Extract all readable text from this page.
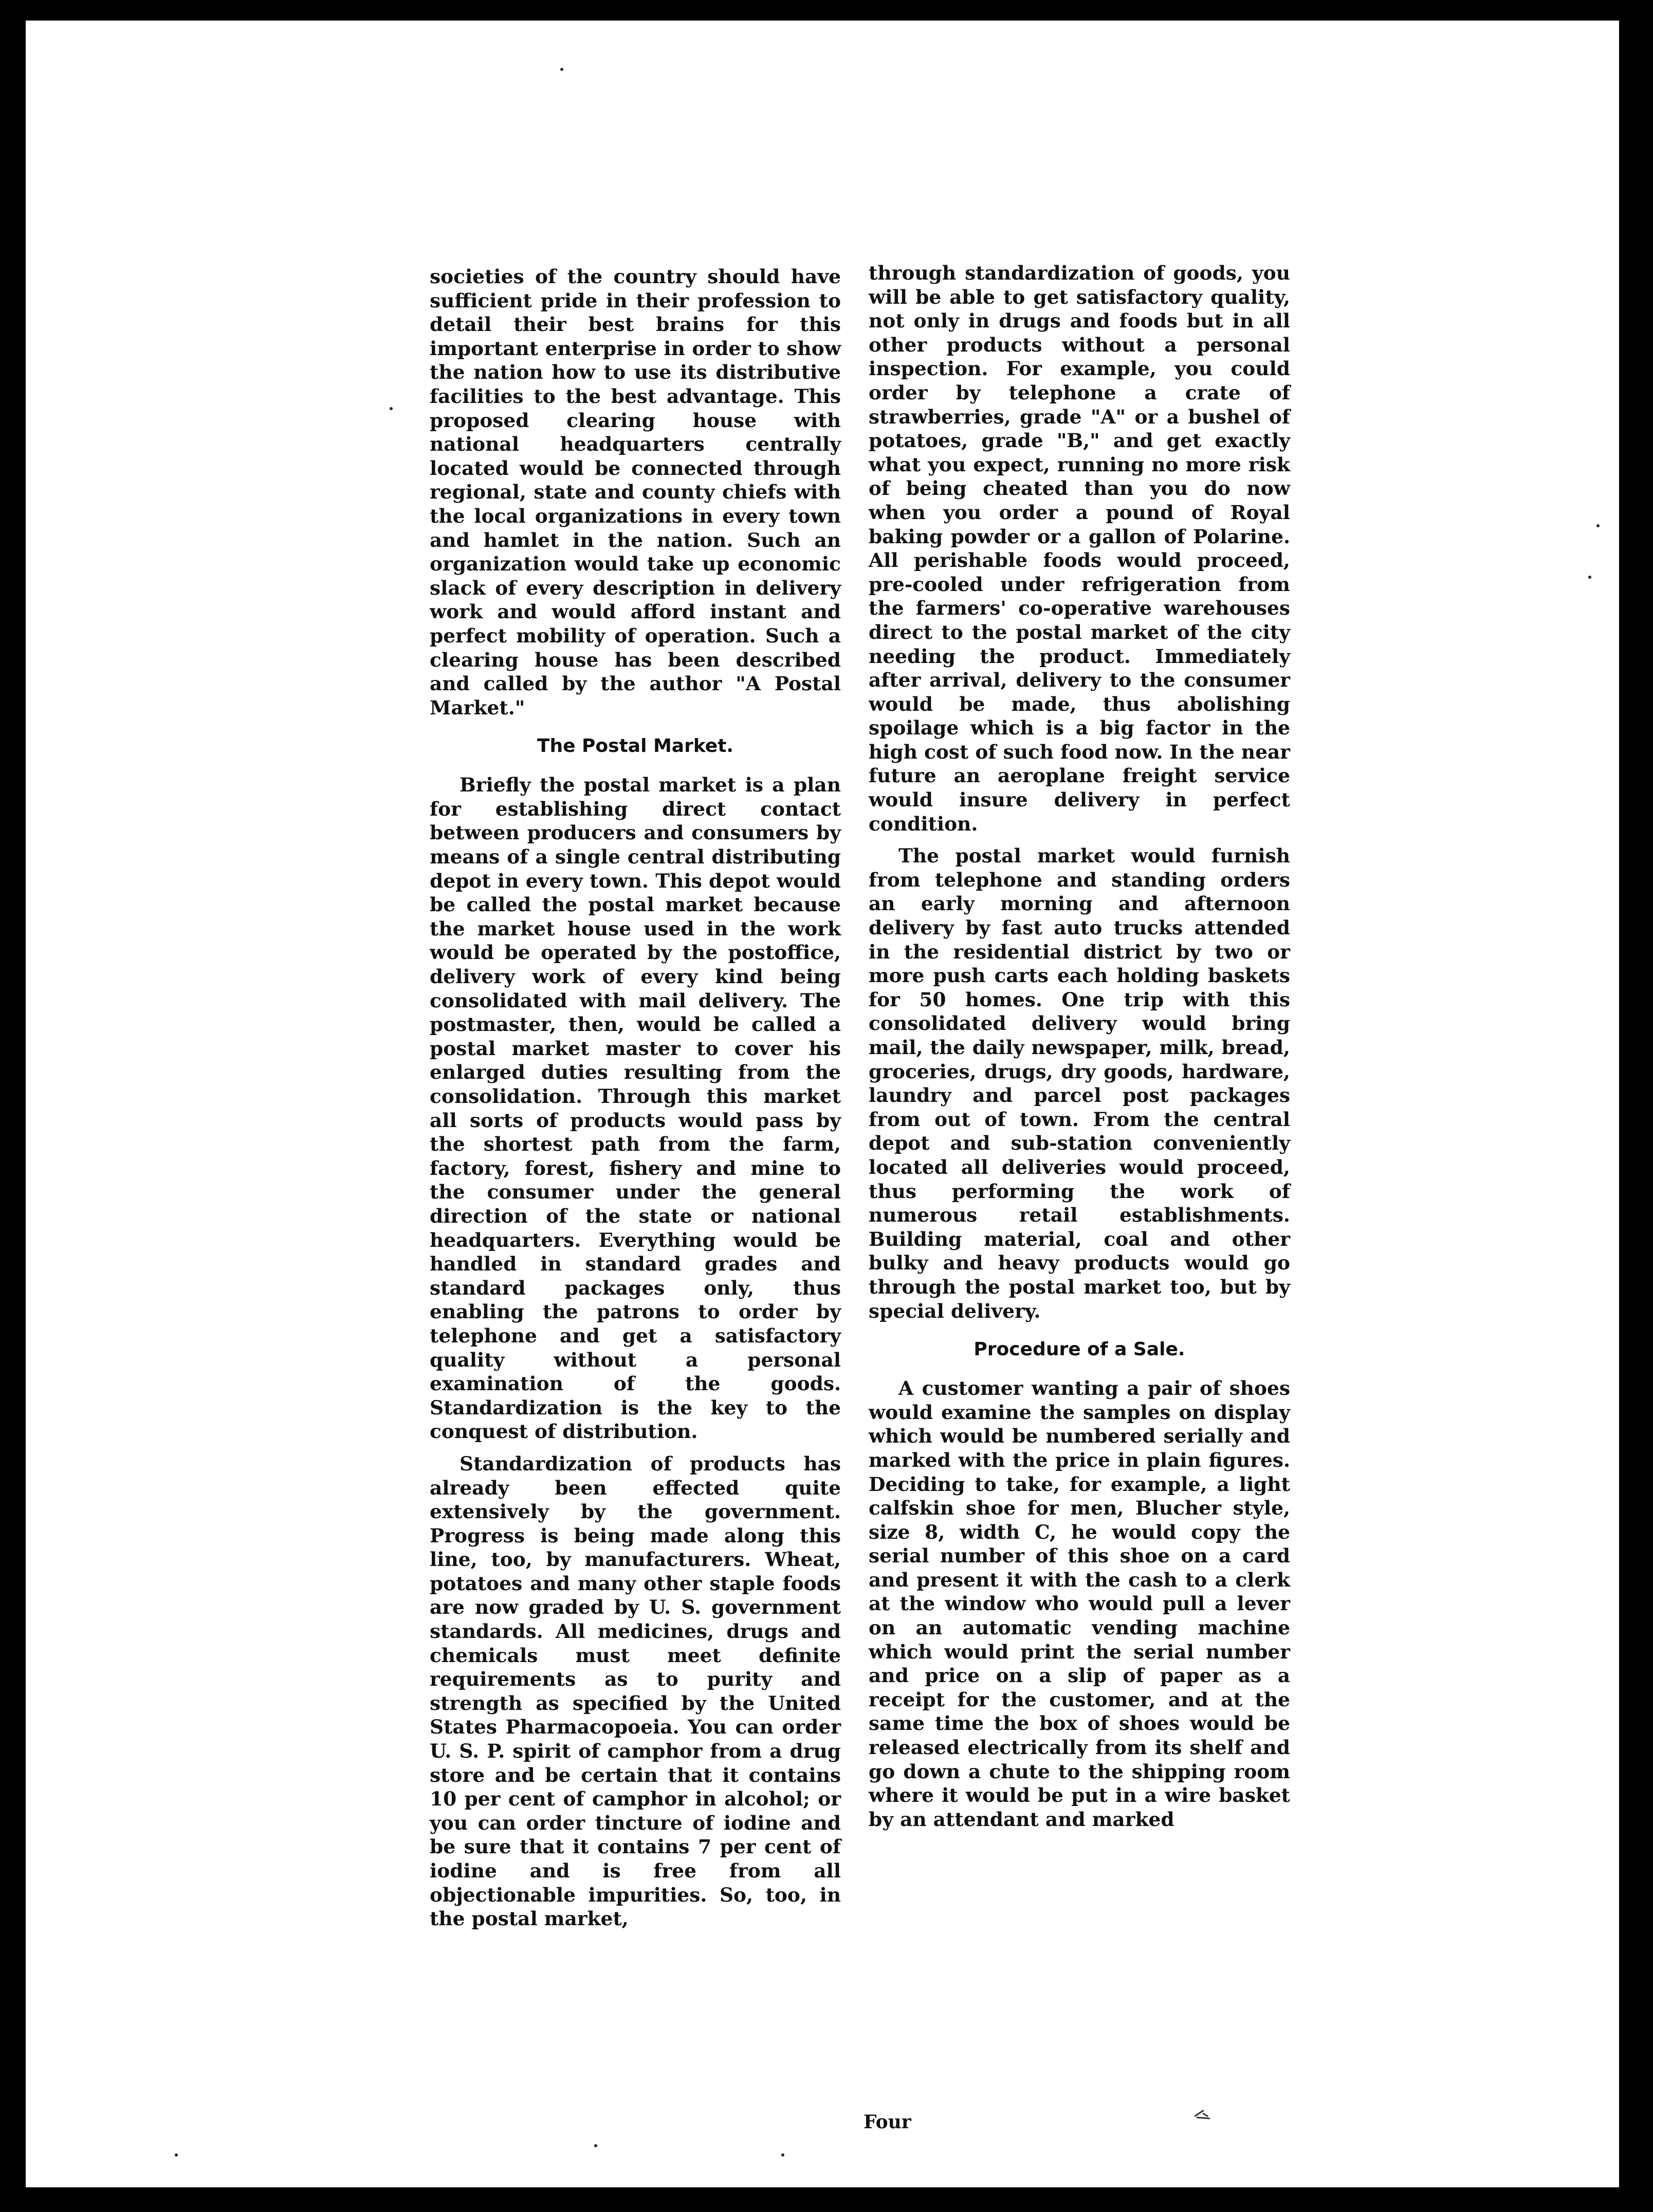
societies of the country should have sufficient pride in their profession to detail their best brains for this important enterprise in order to show the nation how to use its distributive facilities to the best advantage. This proposed clearing house with national headquarters centrally located would be connected through regional, state and county chiefs with the local organizations in every town and hamlet in the nation. Such an organization would take up economic slack of every description in delivery work and would afford instant and perfect mobility of operation. Such a clearing house has been described and called by the author "A Postal Market."

The Postal Market.

Briefly the postal market is a plan for establishing direct contact between producers and consumers by means of a single central distributing depot in every town. This depot would be called the postal market because the market house used in the work would be operated by the postoffice, delivery work of every kind being consolidated with mail delivery. The postmaster, then, would be called a postal market master to cover his enlarged duties resulting from the consolidation. Through this market all sorts of products would pass by the shortest path from the farm, factory, forest, fishery and mine to the consumer under the general direction of the state or national headquarters. Everything would be handled in standard grades and standard packages only, thus enabling the patrons to order by telephone and get a satisfactory quality without a personal examination of the goods. Standardization is the key to the conquest of distribution.

Standardization of products has already been effected quite extensively by the government. Progress is being made along this line, too, by manufacturers. Wheat, potatoes and many other staple foods are now graded by U. S. government standards. All medicines, drugs and chemicals must meet definite requirements as to purity and strength as specified by the United States Pharmacopoeia. You can order U. S. P. spirit of camphor from a drug store and be certain that it contains 10 per cent of camphor in alcohol; or you can order tincture of iodine and be sure that it contains 7 per cent of iodine and is free from all objectionable impurities. So, too, in the postal market,

through standardization of goods, you will be able to get satisfactory quality, not only in drugs and foods but in all other products without a personal inspection. For example, you could order by telephone a crate of strawberries, grade "A" or a bushel of potatoes, grade "B," and get exactly what you expect, running no more risk of being cheated than you do now when you order a pound of Royal baking powder or a gallon of Polarine. All perishable foods would proceed, pre-cooled under refrigeration from the farmers' co-operative warehouses direct to the postal market of the city needing the product. Immediately after arrival, delivery to the consumer would be made, thus abolishing spoilage which is a big factor in the high cost of such food now. In the near future an aeroplane freight service would insure delivery in perfect condition.

The postal market would furnish from telephone and standing orders an early morning and afternoon delivery by fast auto trucks attended in the residential district by two or more push carts each holding baskets for 50 homes. One trip with this consolidated delivery would bring mail, the daily newspaper, milk, bread, groceries, drugs, dry goods, hardware, laundry and parcel post packages from out of town. From the central depot and sub-station conveniently located all deliveries would proceed, thus performing the work of numerous retail establishments. Building material, coal and other bulky and heavy products would go through the postal market too, but by special delivery.

Procedure of a Sale.

A customer wanting a pair of shoes would examine the samples on display which would be numbered serially and marked with the price in plain figures. Deciding to take, for example, a light calfskin shoe for men, Blucher style, size 8, width C, he would copy the serial number of this shoe on a card and present it with the cash to a clerk at the window who would pull a lever on an automatic vending machine which would print the serial number and price on a slip of paper as a receipt for the customer, and at the same time the box of shoes would be released electrically from its shelf and go down a chute to the shipping room where it would be put in a wire basket by an attendant and marked

Four
